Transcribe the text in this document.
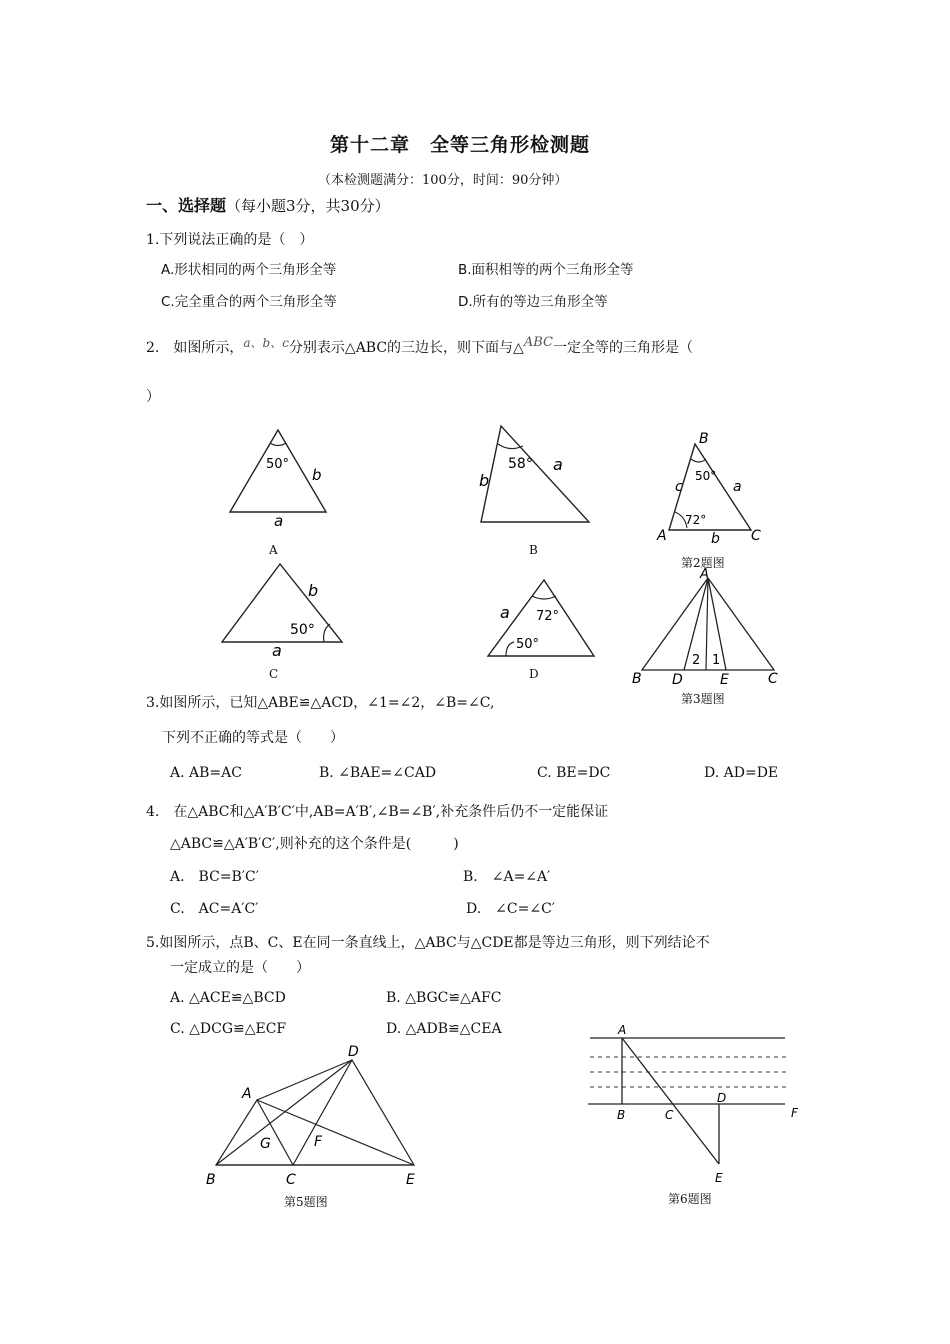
第十二章　全等三角形检测题
（本检测题满分：100分，时间：90分钟）
一、选择题（每小题3分，共30分）
1.下列说法正确的是（　）
A.形状相同的两个三角形全等	B.面积相等的两个三角形全等
C.完全重合的两个三角形全等	D.所有的等边三角形全等
2.　如图所示，a、b、c分别表示△ABC的三边长，则下面与△ABC一定全等的三角形是（
）
50°
b
a
A
58°
b
a
B
B
50°
c	a
72°
A	b C
第2题图
50°
b
a
C
72°
a
50°
D
A
B D	E	C
2 1
第3题图
3.如图所示，已知△ABE≌△ACD，∠1=∠2，∠B=∠C,
下列不正确的等式是（　　）
A. AB=AC	B. ∠BAE=∠CAD	C. BE=DC	D. AD=DE
4.　在△ABC和△A′B′C′中,AB=A′B′,∠B=∠B′,补充条件后仍不一定能保证
△ABC≌△A′B′C′,则补充的这个条件是(　　　)
A.　BC=B′C′	B.　∠A=∠A′
C.　AC=A′C′	D.　∠C=∠C′
5.如图所示，点B、C、E在同一条直线上，△ABC与△CDE都是等边三角形，则下列结论不
一定成立的是（　　）
A. △ACE≌△BCD	B. △BGC≌△AFC
C. △DCG≌△ECF	D. △ADB≌△CEA
A
B	C
D
E
F
G
第5题图
A
B	C
D
E
F
第6题图
